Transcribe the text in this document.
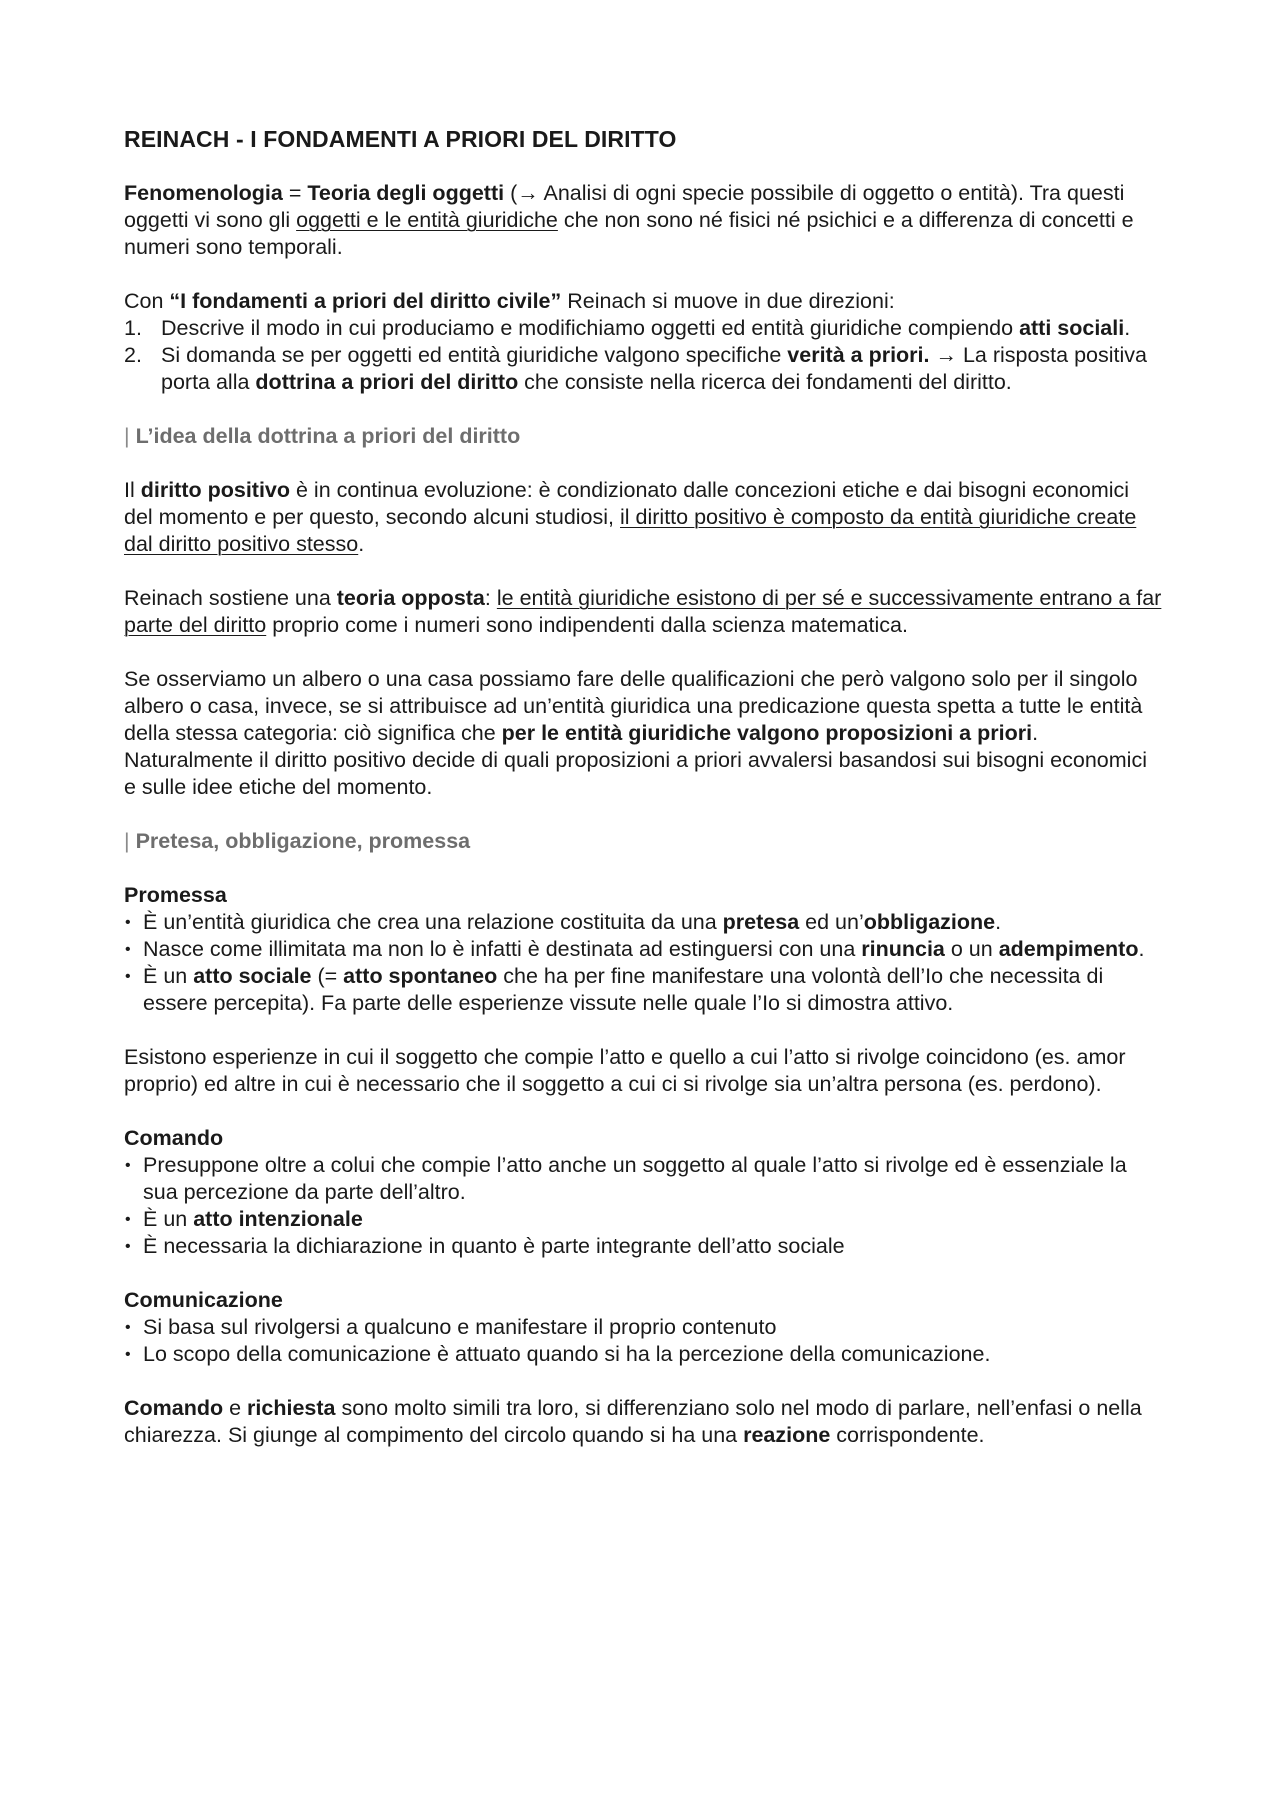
REINACH - I FONDAMENTI A PRIORI DEL DIRITTO

Fenomenologia = Teoria degli oggetti (→ Analisi di ogni specie possibile di oggetto o entità). Tra questi oggetti vi sono gli oggetti e le entità giuridiche che non sono né fisici né psichici e a differenza di concetti e numeri sono temporali.

Con “I fondamenti a priori del diritto civile” Reinach si muove in due direzioni:
1. Descrive il modo in cui produciamo e modifichiamo oggetti ed entità giuridiche compiendo atti sociali.
2. Si domanda se per oggetti ed entità giuridiche valgono specifiche verità a priori. → La risposta positiva porta alla dottrina a priori del diritto che consiste nella ricerca dei fondamenti del diritto.
| L’idea della dottrina a priori del diritto

Il diritto positivo è in continua evoluzione: è condizionato dalle concezioni etiche e dai bisogni economici del momento e per questo, secondo alcuni studiosi, il diritto positivo è composto da entità giuridiche create dal diritto positivo stesso.

Reinach sostiene una teoria opposta: le entità giuridiche esistono di per sé e successivamente entrano a far parte del diritto proprio come i numeri sono indipendenti dalla scienza matematica.

Se osserviamo un albero o una casa possiamo fare delle qualificazioni che però valgono solo per il singolo albero o casa, invece, se si attribuisce ad un’entità giuridica una predicazione questa spetta a tutte le entità della stessa categoria: ciò significa che per le entità giuridiche valgono proposizioni a priori. Naturalmente il diritto positivo decide di quali proposizioni a priori avvalersi basandosi sui bisogni economici e sulle idee etiche del momento.

| Pretesa, obbligazione, promessa
Promessa
• È un’entità giuridica che crea una relazione costituita da una pretesa ed un’obbligazione.
• Nasce come illimitata ma non lo è infatti è destinata ad estinguersi con una rinuncia o un adempimento.
• È un atto sociale (= atto spontaneo che ha per fine manifestare una volontà dell’Io che necessita di essere percepita). Fa parte delle esperienze vissute nelle quale l’Io si dimostra attivo.

Esistono esperienze in cui il soggetto che compie l’atto e quello a cui l’atto si rivolge coincidono (es. amor proprio) ed altre in cui è necessario che il soggetto a cui ci si rivolge sia un’altra persona (es. perdono).

Comando
• Presuppone oltre a colui che compie l’atto anche un soggetto al quale l’atto si rivolge ed è essenziale la sua percezione da parte dell’altro.
• È un atto intenzionale
• È necessaria la dichiarazione in quanto è parte integrante dell’atto sociale
Comunicazione
• Si basa sul rivolgersi a qualcuno e manifestare il proprio contenuto
• Lo scopo della comunicazione è attuato quando si ha la percezione della comunicazione.

Comando e richiesta sono molto simili tra loro, si differenziano solo nel modo di parlare, nell’enfasi o nella chiarezza. Si giunge al compimento del circolo quando si ha una reazione corrispondente.
